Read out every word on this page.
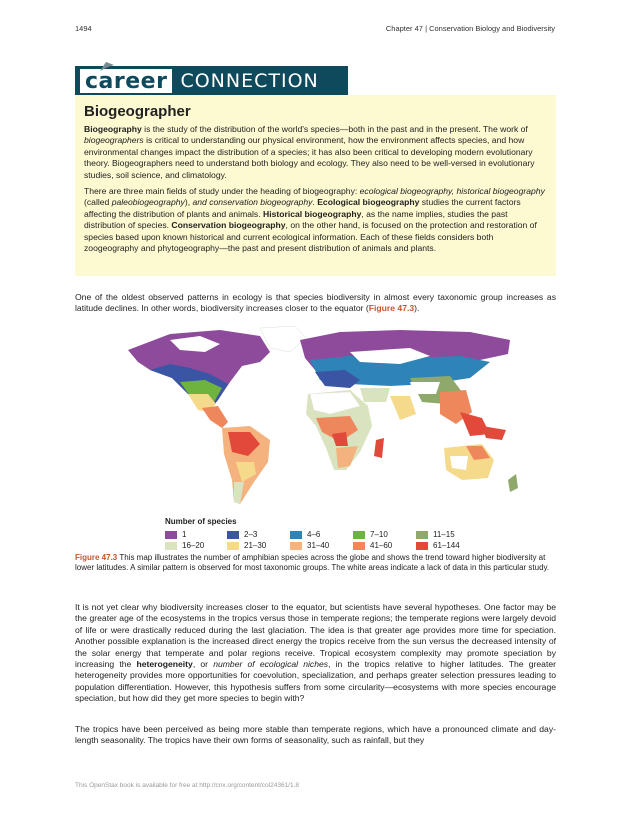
1494	Chapter 47 | Conservation Biology and Biodiversity
career CONNECTION
Biogeographer
Biogeography is the study of the distribution of the world's species—both in the past and in the present. The work of biogeographers is critical to understanding our physical environment, how the environment affects species, and how environmental changes impact the distribution of a species; it has also been critical to developing modern evolutionary theory. Biogeographers need to understand both biology and ecology. They also need to be well-versed in evolutionary studies, soil science, and climatology.
There are three main fields of study under the heading of biogeography: ecological biogeography, historical biogeography (called paleobiogeography), and conservation biogeography. Ecological biogeography studies the current factors affecting the distribution of plants and animals. Historical biogeography, as the name implies, studies the past distribution of species. Conservation biogeography, on the other hand, is focused on the protection and restoration of species based upon known historical and current ecological information. Each of these fields considers both zoogeography and phytogeography—the past and present distribution of animals and plants.
One of the oldest observed patterns in ecology is that species biodiversity in almost every taxonomic group increases as latitude declines. In other words, biodiversity increases closer to the equator (Figure 47.3).
Number of species
1	2–3	4–6	7–10	11–15
16–20	21–30	31–40	41–60	61–144
Figure 47.3 This map illustrates the number of amphibian species across the globe and shows the trend toward higher biodiversity at lower latitudes. A similar pattern is observed for most taxonomic groups. The white areas indicate a lack of data in this particular study.
It is not yet clear why biodiversity increases closer to the equator, but scientists have several hypotheses. One factor may be the greater age of the ecosystems in the tropics versus those in temperate regions; the temperate regions were largely devoid of life or were drastically reduced during the last glaciation. The idea is that greater age provides more time for speciation. Another possible explanation is the increased direct energy the tropics receive from the sun versus the decreased intensity of the solar energy that temperate and polar regions receive. Tropical ecosystem complexity may promote speciation by increasing the heterogeneity, or number of ecological niches, in the tropics relative to higher latitudes. The greater heterogeneity provides more opportunities for coevolution, specialization, and perhaps greater selection pressures leading to population differentiation. However, this hypothesis suffers from some circularity—ecosystems with more species encourage speciation, but how did they get more species to begin with?
The tropics have been perceived as being more stable than temperate regions, which have a pronounced climate and day-length seasonality. The tropics have their own forms of seasonality, such as rainfall, but they
This OpenStax book is available for free at http://cnx.org/content/col24361/1.8
